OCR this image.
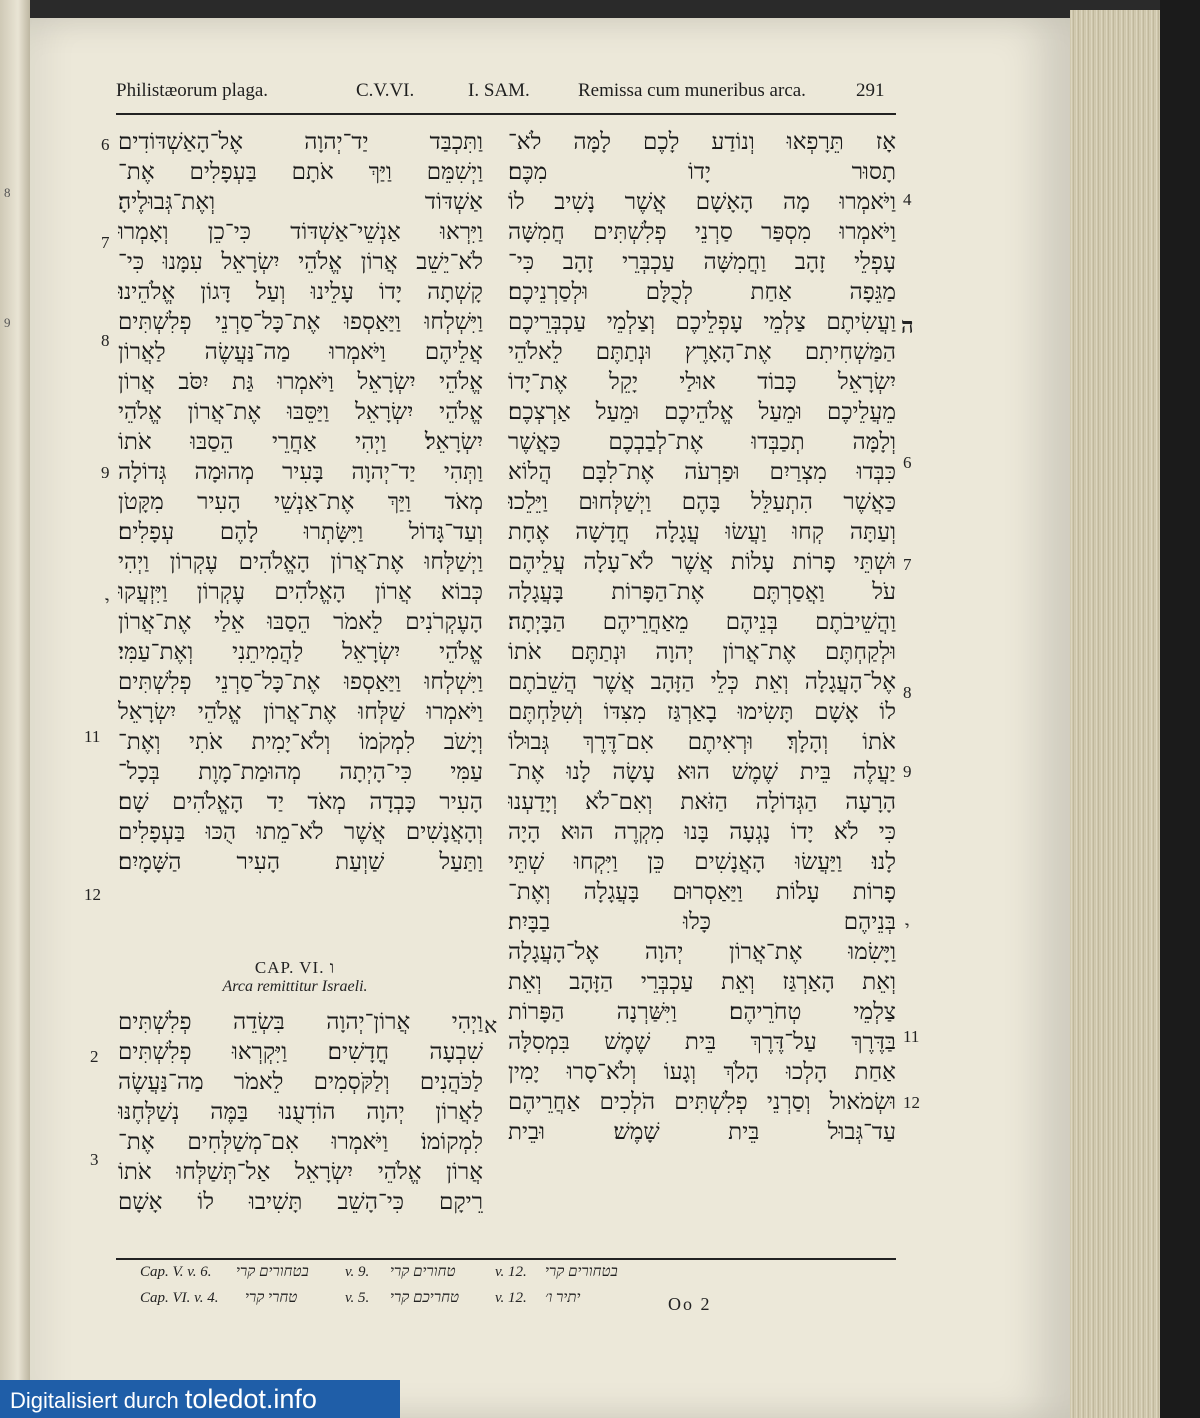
8
9
Philistæorum plaga.	C.V.VI.	I. SAM.	Remissa cum muneribus arca.	291
וַתִּכְבַּד יַד־יְהוָה אֶל־הָאַשְׁדּוֹדִים
וַיְשִׁמֵּם וַיַּךְ אֹתָם בַּעְפָלִים אֶת־
אַשְׁדּוֹד וְאֶת־גְּבוּלֶיהָ׃
וַיִּרְאוּ אַנְשֵׁי־אַשְׁדּוֹד כִּי־כֵן וְאָמְרוּ
לֹא־יֵשֵׁב אֲרוֹן אֱלֹהֵי יִשְׂרָאֵל עִמָּנוּ כִּי־
קָשְׁתָה יָדוֹ עָלֵינוּ וְעַל דָּגוֹן אֱלֹהֵינוּ׃
וַיִּשְׁלְחוּ וַיַּאַסְפוּ אֶת־כָּל־סַרְנֵי פְלִשְׁתִּים
אֲלֵיהֶם וַיֹּאמְרוּ מַה־נַּעֲשֶׂה לַאֲרוֹן
אֱלֹהֵי יִשְׂרָאֵל וַיֹּאמְרוּ גַּת יִסֹּב אֲרוֹן
אֱלֹהֵי יִשְׂרָאֵל וַיַּסֵּבּוּ אֶת־אֲרוֹן אֱלֹהֵי
יִשְׂרָאֵל׃ וַיְהִי אַחֲרֵי הֵסַבּוּ אֹתוֹ
וַתְּהִי יַד־יְהוָה בָּעִיר מְהוּמָה גְּדוֹלָה
מְאֹד וַיַּךְ אֶת־אַנְשֵׁי הָעִיר מִקָּטֹן
וְעַד־גָּדוֹל וַיִּשָּׂתְרוּ לָהֶם עְפָלִים׃
וַיְשַׁלְּחוּ אֶת־אֲרוֹן הָאֱלֹהִים עֶקְרוֹן וַיְהִי
כְּבוֹא אֲרוֹן הָאֱלֹהִים עֶקְרוֹן וַיִּזְעֲקוּ
הָעֶקְרֹנִים לֵאמֹר הֵסַבּוּ אֵלַי אֶת־אֲרוֹן
אֱלֹהֵי יִשְׂרָאֵל לַהֲמִיתֵנִי וְאֶת־עַמִּי׃
וַיִּשְׁלְחוּ וַיַּאַסְפוּ אֶת־כָּל־סַרְנֵי פְלִשְׁתִּים
וַיֹּאמְרוּ שַׁלְּחוּ אֶת־אֲרוֹן אֱלֹהֵי יִשְׂרָאֵל
וְיָשֹׁב לִמְקֹמוֹ וְלֹא־יָמִית אֹתִי וְאֶת־
עַמִּי כִּי־הָיְתָה מְהוּמַת־מָוֶת בְּכָל־
הָעִיר כָּבְדָה מְאֹד יַד הָאֱלֹהִים שָׁם׃
וְהָאֲנָשִׁים אֲשֶׁר לֹא־מֵתוּ הֻכּוּ בַּעְפָלִים
וַתַּעַל שַׁוְעַת הָעִיר הַשָּׁמָיִם׃
וַיְהִי אֲרוֹן־יְהוָה בִּשְׂדֵה פְלִשְׁתִּים
שִׁבְעָה חֳדָשִׁים׃ וַיִּקְרְאוּ פְלִשְׁתִּים
לַכֹּהֲנִים וְלַקֹּסְמִים לֵאמֹר מַה־נַּעֲשֶׂה
לַאֲרוֹן יְהוָה הוֹדִעֻנוּ בַּמֶּה נְשַׁלְּחֶנּוּ
לִמְקוֹמוֹ׃ וַיֹּאמְרוּ אִם־מְשַׁלְּחִים אֶת־
אֲרוֹן אֱלֹהֵי יִשְׂרָאֵל אַל־תְּשַׁלְּחוּ אֹתוֹ
רֵיקָם כִּי־הָשֵׁב תָּשִׁיבוּ לוֹ אָשָׁם
אָז תֵּרָפְאוּ וְנוֹדַע לָכֶם לָמָּה לֹא־
תָסוּר יָדוֹ מִכֶּם׃
וַיֹּאמְרוּ מָה הָאָשָׁם אֲשֶׁר נָשִׁיב לוֹ
וַיֹּאמְרוּ מִסְפַּר סַרְנֵי פְלִשְׁתִּים חֲמִשָּׁה
עָפְלֵי זָהָב וַחֲמִשָּׁה עַכְבְּרֵי זָהָב כִּי־
מַגֵּפָה אַחַת לְכֻלָּם וּלְסַרְנֵיכֶם׃
וַעֲשִׂיתֶם צַלְמֵי עָפְלֵיכֶם וְצַלְמֵי עַכְבְּרֵיכֶם
הַמַּשְׁחִיתִם אֶת־הָאָרֶץ וּנְתַתֶּם לֵאלֹהֵי
יִשְׂרָאֵל כָּבוֹד אוּלַי יָקֵל אֶת־יָדוֹ
מֵעֲלֵיכֶם וּמֵעַל אֱלֹהֵיכֶם וּמֵעַל אַרְצְכֶם׃
וְלָמָּה תְכַבְּדוּ אֶת־לְבַבְכֶם כַּאֲשֶׁר
כִּבְּדוּ מִצְרַיִם וּפַרְעֹה אֶת־לִבָּם הֲלוֹא
כַּאֲשֶׁר הִתְעַלֵּל בָּהֶם וַיְשַׁלְּחוּם וַיֵּלֵכוּ׃
וְעַתָּה קְחוּ וַעֲשׂוּ עֲגָלָה חֲדָשָׁה אֶחָת
וּשְׁתֵּי פָרוֹת עָלוֹת אֲשֶׁר לֹא־עָלָה עֲלֵיהֶם
עֹל וַאֲסַרְתֶּם אֶת־הַפָּרוֹת בָּעֲגָלָה
וַהֲשֵׁיבֹתֶם בְּנֵיהֶם מֵאַחֲרֵיהֶם הַבָּיְתָה׃
וּלְקַחְתֶּם אֶת־אֲרוֹן יְהוָה וּנְתַתֶּם אֹתוֹ
אֶל־הָעֲגָלָה וְאֵת כְּלֵי הַזָּהָב אֲשֶׁר הֲשֵׁבֹתֶם
לוֹ אָשָׁם תָּשִׂימוּ בָאַרְגַּז מִצִּדּוֹ וְשִׁלַּחְתֶּם
אֹתוֹ וְהָלָךְ׃ וּרְאִיתֶם אִם־דֶּרֶךְ גְּבוּלוֹ
יַעֲלֶה בֵּית שֶׁמֶשׁ הוּא עָשָׂה לָנוּ אֶת־
הָרָעָה הַגְּדוֹלָה הַזֹּאת וְאִם־לֹא וְיָדַעְנוּ
כִּי לֹא יָדוֹ נָגְעָה בָּנוּ מִקְרֶה הוּא הָיָה
לָנוּ׃ וַיַּעֲשׂוּ הָאֲנָשִׁים כֵּן וַיִּקְחוּ שְׁתֵּי
פָרוֹת עָלוֹת וַיַּאַסְרוּם בָּעֲגָלָה וְאֶת־
בְּנֵיהֶם כָּלוּ בַבָּיִת׃
וַיָּשִׂמוּ אֶת־אֲרוֹן יְהוָה אֶל־הָעֲגָלָה
וְאֵת הָאַרְגַּז וְאֵת עַכְבְּרֵי הַזָּהָב וְאֵת
צַלְמֵי טְחֹרֵיהֶם׃ וַיִּשַּׁרְנָה הַפָּרוֹת
בַּדֶּרֶךְ עַל־דֶּרֶךְ בֵּית שֶׁמֶשׁ בִּמְסִלָּה
אַחַת הָלְכוּ הָלֹךְ וְגָעוֹ וְלֹא־סָרוּ יָמִין
וּשְׂמֹאול וְסַרְנֵי פְלִשְׁתִּים הֹלְכִים אַחֲרֵיהֶם
עַד־גְּבוּל בֵּית שָׁמֶשׁ׃ וּבֵית
6
7
8
9
י
11
12
א
2
3
CAP. VI. ו
Arca remittitur Israeli.
4
ה
6
7
8
9
י
11
12
Cap. V. v. 6. בטחורים קרי v. 9. טחורים קרי	v. 12. בטחורים קרי
Cap. VI. v. 4. טחרי קרי	v. 5. טחריכם קרי v. 12. יתיר ו׳	Oo 2
Digitalisiert durch toledot.info
